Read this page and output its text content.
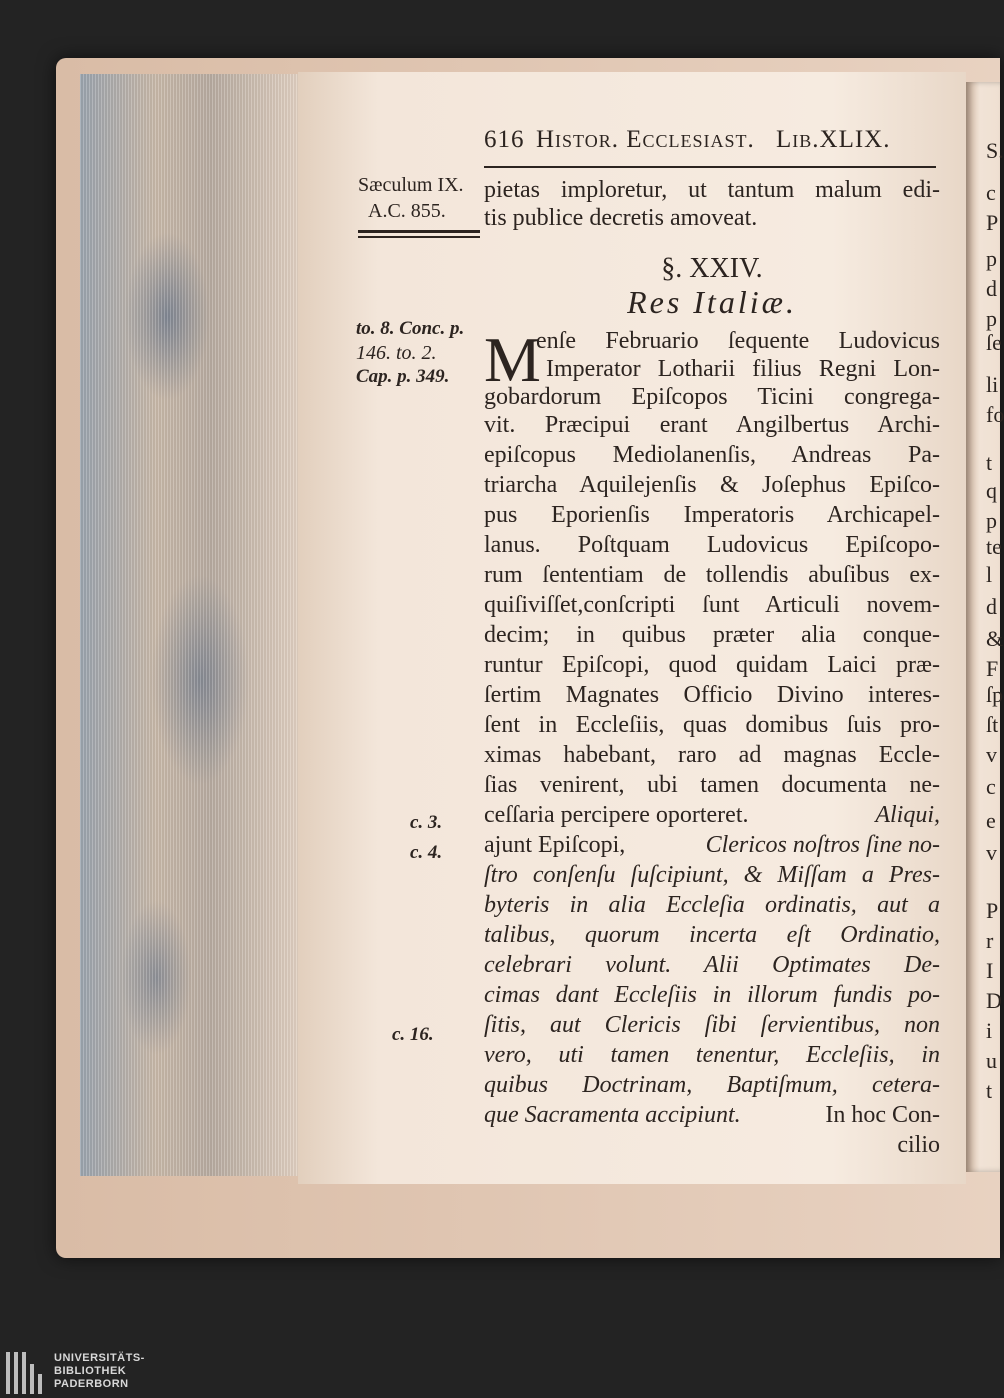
616 Histor. Ecclesiast. Lib.XLIX.
Sæculum IX.
A.C. 855.
to. 8. Conc. p.
146. to. 2.
Cap. p. 349.
c. 3.
c. 4.
c. 16.
pietas imploretur, ut tantum malum edi-
tis publice decretis amoveat.
§. XXIV.
Res Italiæ.
M
enſe Februario ſequente Ludovicus
Imperator Lotharii filius Regni Lon-
gobardorum Epiſcopos Ticini congrega-
vit. Præcipui erant Angilbertus Archi-
epiſcopus Mediolanenſis, Andreas Pa-
triarcha Aquilejenſis & Joſephus Epiſco-
pus Eporienſis Imperatoris Archicapel-
lanus. Poſtquam Ludovicus Epiſcopo-
rum ſententiam de tollendis abuſibus ex-
quiſiviſſet,conſcripti ſunt Articuli novem-
decim; in quibus præter alia conque-
runtur Epiſcopi, quod quidam Laici præ-
ſertim Magnates Officio Divino interes-
ſent in Eccleſiis, quas domibus ſuis pro-
ximas habebant, raro ad magnas Eccle-
ſias venirent, ubi tamen documenta ne-
ceſſaria percipere oporteret.	Aliqui,
ajunt Epiſcopi,	Clericos noſtros ſine no-
ſtro conſenſu ſuſcipiunt, & Miſſam a Pres-
byteris in alia Eccleſia ordinatis, aut a
talibus, quorum incerta eſt Ordinatio,
celebrari volunt. Alii Optimates De-
cimas dant Eccleſiis in illorum fundis po-
ſitis, aut Clericis ſibi ſervientibus, non
vero, uti tamen tenentur, Eccleſiis, in
quibus Doctrinam, Baptiſmum, cetera-
que Sacramenta accipiunt.	In hoc Con-
cilio
S.
c
P
p
d
p
ſe
li
fo
t
q
p
te
l
d
&
F
ſp
ſt
v
c
e
v
P
r
I
D
i
u
t
UNIVERSITÄTS-
BIBLIOTHEK
PADERBORN
